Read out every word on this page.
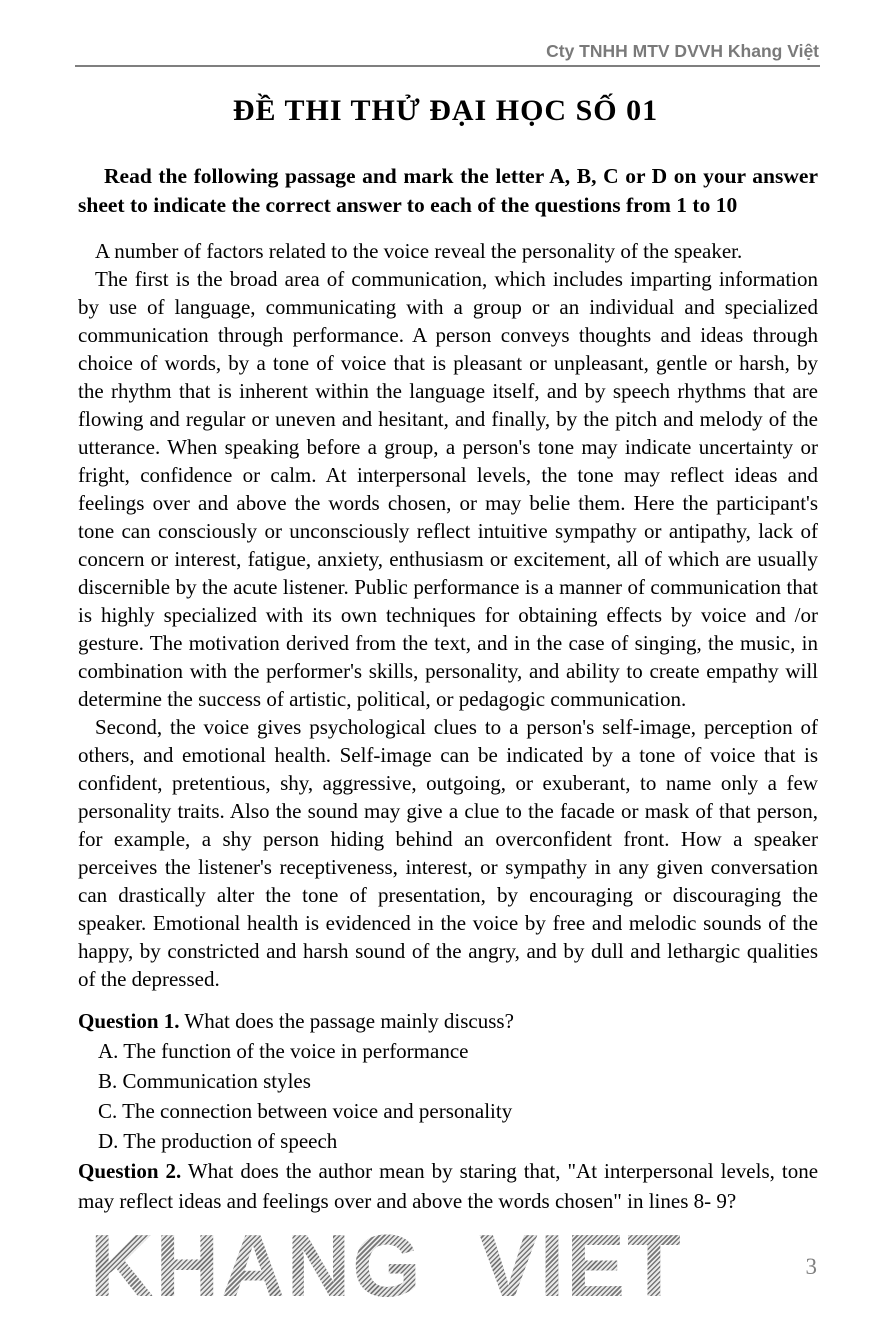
Cty TNHH MTV DVVH Khang Việt
ĐỀ THI THỬ ĐẠI HỌC SỐ 01

Read the following passage and mark the letter A, B, C or D on your answer sheet to indicate the correct answer to each of the questions from 1 to 10

A number of factors related to the voice reveal the personality of the speaker.

The first is the broad area of communication, which includes imparting information by use of language, communicating with a group or an individual and specialized communication through performance. A person conveys thoughts and ideas through choice of words, by a tone of voice that is pleasant or unpleasant, gentle or harsh, by the rhythm that is inherent within the language itself, and by speech rhythms that are flowing and regular or uneven and hesitant, and finally, by the pitch and melody of the utterance. When speaking before a group, a person's tone may indicate uncertainty or fright, confidence or calm. At interpersonal levels, the tone may reflect ideas and feelings over and above the words chosen, or may belie them. Here the participant's tone can consciously or unconsciously reflect intuitive sympathy or antipathy, lack of concern or interest, fatigue, anxiety, enthusiasm or excitement, all of which are usually discernible by the acute listener. Public performance is a manner of communication that is highly specialized with its own techniques for obtaining effects by voice and /or gesture. The motivation derived from the text, and in the case of singing, the music, in combination with the performer's skills, personality, and ability to create empathy will determine the success of artistic, political, or pedagogic communication.

Second, the voice gives psychological clues to a person's self-image, perception of others, and emotional health. Self-image can be indicated by a tone of voice that is confident, pretentious, shy, aggressive, outgoing, or exuberant, to name only a few personality traits. Also the sound may give a clue to the facade or mask of that person, for example, a shy person hiding behind an overconfident front. How a speaker perceives the listener's receptiveness, interest, or sympathy in any given conversation can drastically alter the tone of presentation, by encouraging or discouraging the speaker. Emotional health is evidenced in the voice by free and melodic sounds of the happy, by constricted and harsh sound of the angry, and by dull and lethargic qualities of the depressed.

Question 1. What does the passage mainly discuss?
A. The function of the voice in performance
B. Communication styles
C. The connection between voice and personality
D. The production of speech
Question 2. What does the author mean by staring that, "At interpersonal levels, tone may reflect ideas and feelings over and above the words chosen" in lines 8- 9?
KHANG VIET	3
